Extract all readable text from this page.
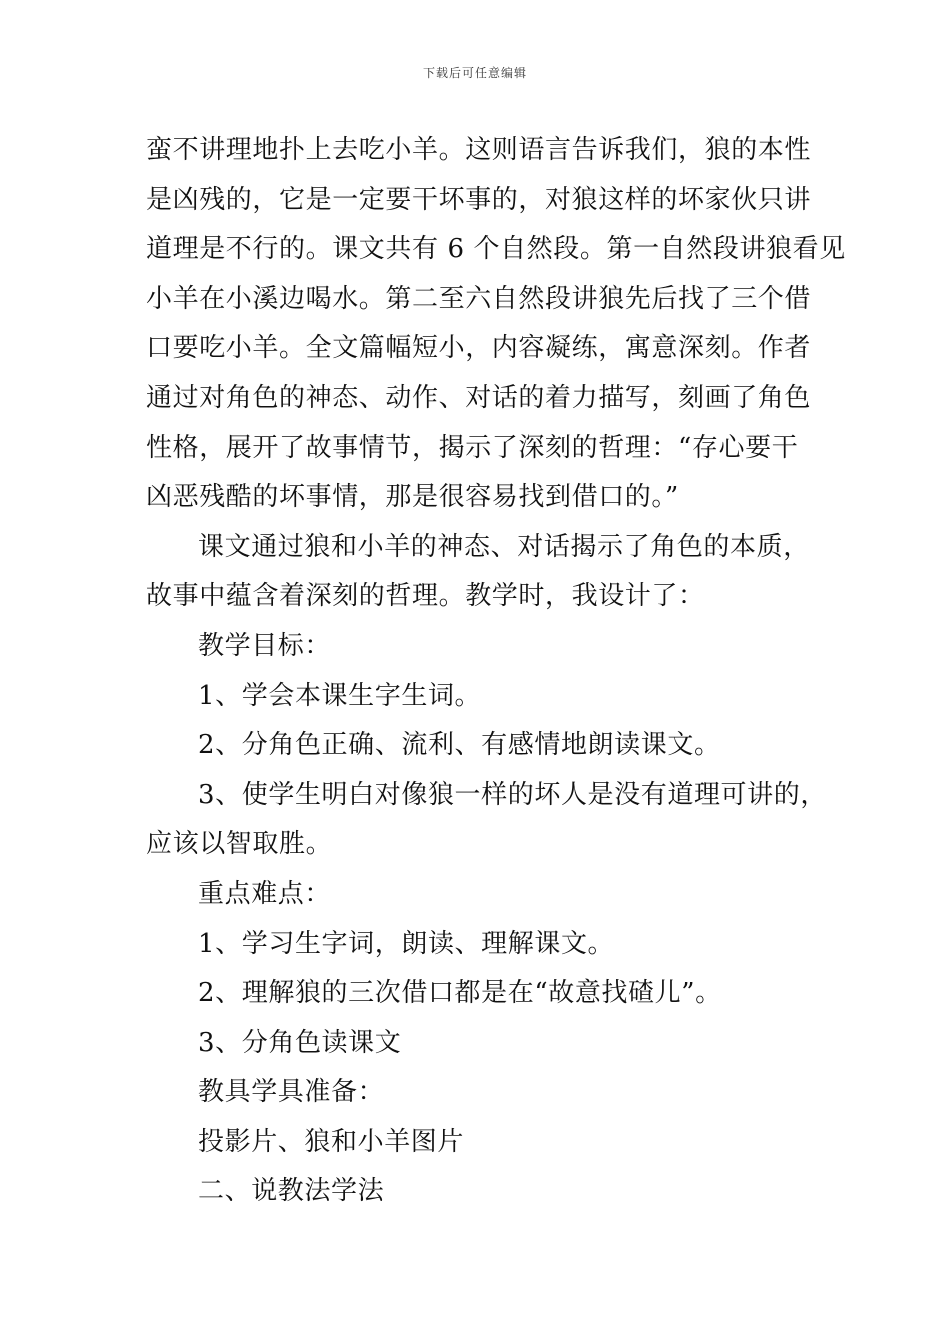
下载后可任意编辑
蛮不讲理地扑上去吃小羊。这则语言告诉我们，狼的本性
是凶残的，它是一定要干坏事的，对狼这样的坏家伙只讲
道理是不行的。课文共有 6 个自然段。第一自然段讲狼看见
小羊在小溪边喝水。第二至六自然段讲狼先后找了三个借
口要吃小羊。全文篇幅短小，内容凝练，寓意深刻。作者
通过对角色的神态、动作、对话的着力描写，刻画了角色
性格，展开了故事情节，揭示了深刻的哲理：“存心要干
凶恶残酷的坏事情，那是很容易找到借口的。”
课文通过狼和小羊的神态、对话揭示了角色的本质，
故事中蕴含着深刻的哲理。教学时，我设计了：
教学目标：
1、学会本课生字生词。
2、分角色正确、流利、有感情地朗读课文。
3、使学生明白对像狼一样的坏人是没有道理可讲的，
应该以智取胜。
重点难点：
1、学习生字词，朗读、理解课文。
2、理解狼的三次借口都是在“故意找碴儿”。
3、分角色读课文
教具学具准备：
投影片、狼和小羊图片
二、说教法学法
